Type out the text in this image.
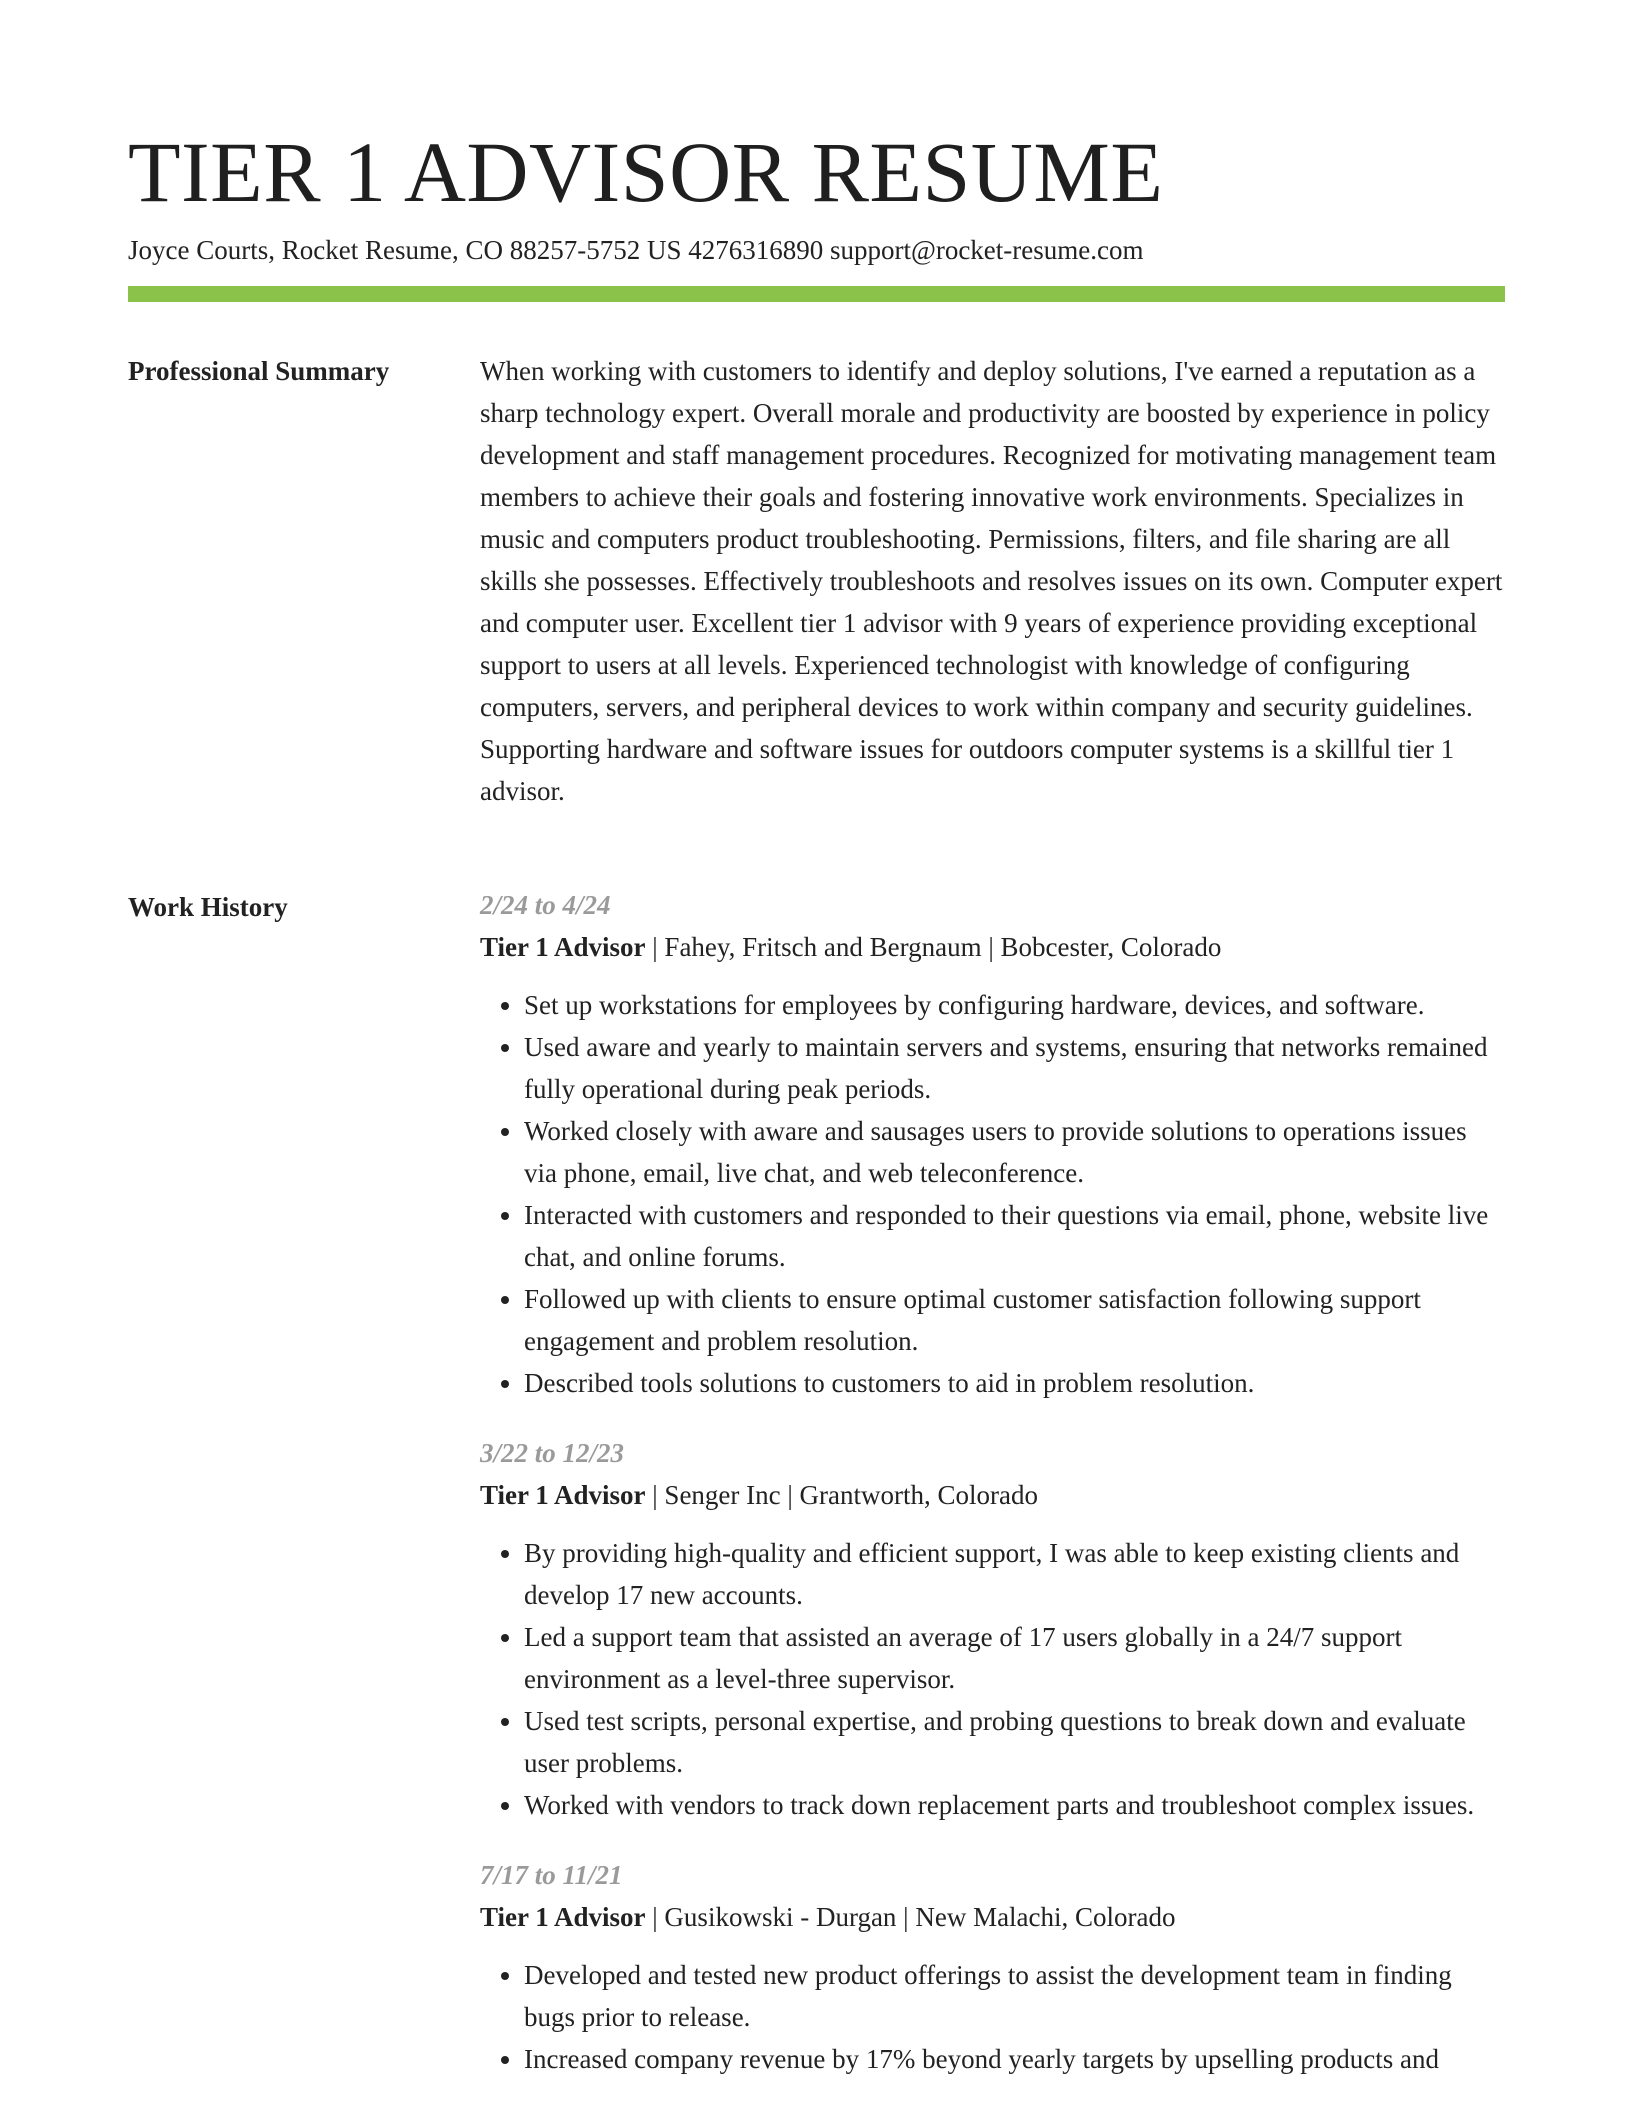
TIER 1 ADVISOR RESUME
Joyce Courts, Rocket Resume, CO 88257-5752 US 4276316890 support@rocket-resume.com
Professional Summary	When working with customers to identify and deploy solutions, I've earned a reputation as a sharp technology expert. Overall morale and productivity are boosted by experience in policy development and staff management procedures. Recognized for motivating management team members to achieve their goals and fostering innovative work environments. Specializes in music and computers product troubleshooting. Permissions, filters, and file sharing are all skills she possesses. Effectively troubleshoots and resolves issues on its own. Computer expert and computer user. Excellent tier 1 advisor with 9 years of experience providing exceptional support to users at all levels. Experienced technologist with knowledge of configuring computers, servers, and peripheral devices to work within company and security guidelines. Supporting hardware and software issues for outdoors computer systems is a skillful tier 1 advisor.

Work History	2/24 to 4/24
Tier 1 Advisor | Fahey, Fritsch and Bergnaum | Bobcester, Colorado
• Set up workstations for employees by configuring hardware, devices, and software.
• Used aware and yearly to maintain servers and systems, ensuring that networks remained fully operational during peak periods.
• Worked closely with aware and sausages users to provide solutions to operations issues via phone, email, live chat, and web teleconference.
• Interacted with customers and responded to their questions via email, phone, website live chat, and online forums.
• Followed up with clients to ensure optimal customer satisfaction following support engagement and problem resolution.
• Described tools solutions to customers to aid in problem resolution.
3/22 to 12/23
Tier 1 Advisor | Senger Inc | Grantworth, Colorado
• By providing high-quality and efficient support, I was able to keep existing clients and develop 17 new accounts.
• Led a support team that assisted an average of 17 users globally in a 24/7 support environment as a level-three supervisor.
• Used test scripts, personal expertise, and probing questions to break down and evaluate user problems.
• Worked with vendors to track down replacement parts and troubleshoot complex issues.
7/17 to 11/21
Tier 1 Advisor | Gusikowski - Durgan | New Malachi, Colorado
• Developed and tested new product offerings to assist the development team in finding bugs prior to release.
• Increased company revenue by 17% beyond yearly targets by upselling products and
